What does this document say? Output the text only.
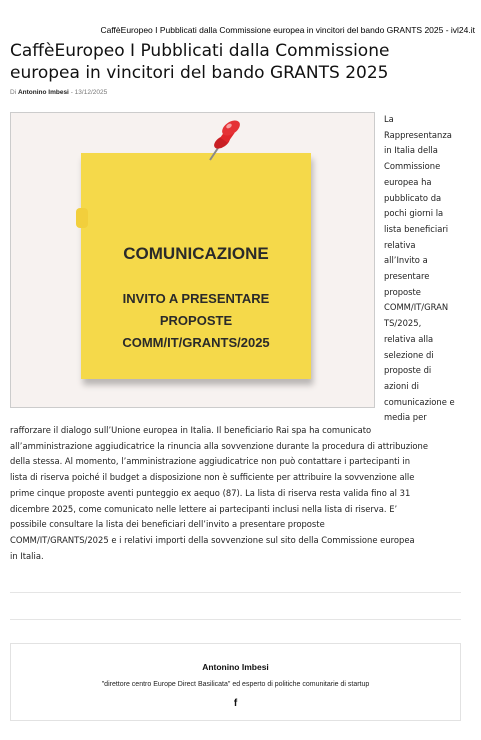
CaffèEuropeo I Pubblicati dalla Commissione europea in vincitori del bando GRANTS 2025 - ivl24.it
CaffèEuropeo I Pubblicati dalla Commissione
europea in vincitori del bando GRANTS 2025
Di Antonino Imbesi - 13/12/2025
COMUNICAZIONE
INVITO A PRESENTARE
PROPOSTE
COMM/IT/GRANTS/2025
La
Rappresentanza
in Italia della
Commissione
europea ha
pubblicato da
pochi giorni la
lista beneficiari
relativa
all’Invito a
presentare
proposte
COMM/IT/GRAN
TS/2025,
relativa alla
selezione di
proposte di
azioni di
comunicazione e
media per
rafforzare il dialogo sull’Unione europea in Italia. Il beneficiario Rai spa ha comunicato
all’amministrazione aggiudicatrice la rinuncia alla sovvenzione durante la procedura di attribuzione
della stessa. Al momento, l’amministrazione aggiudicatrice non può contattare i partecipanti in
lista di riserva poiché il budget a disposizione non è sufficiente per attribuire la sovvenzione alle
prime cinque proposte aventi punteggio ex aequo (87). La lista di riserva resta valida fino al 31
dicembre 2025, come comunicato nelle lettere ai partecipanti inclusi nella lista di riserva. E’
possibile consultare la lista dei beneficiari dell’invito a presentare proposte
COMM/IT/GRANTS/2025 e i relativi importi della sovvenzione sul sito della Commissione europea
in Italia.
Antonino Imbesi
"direttore centro Europe Direct Basilicata" ed esperto di politiche comunitarie di startup
f
